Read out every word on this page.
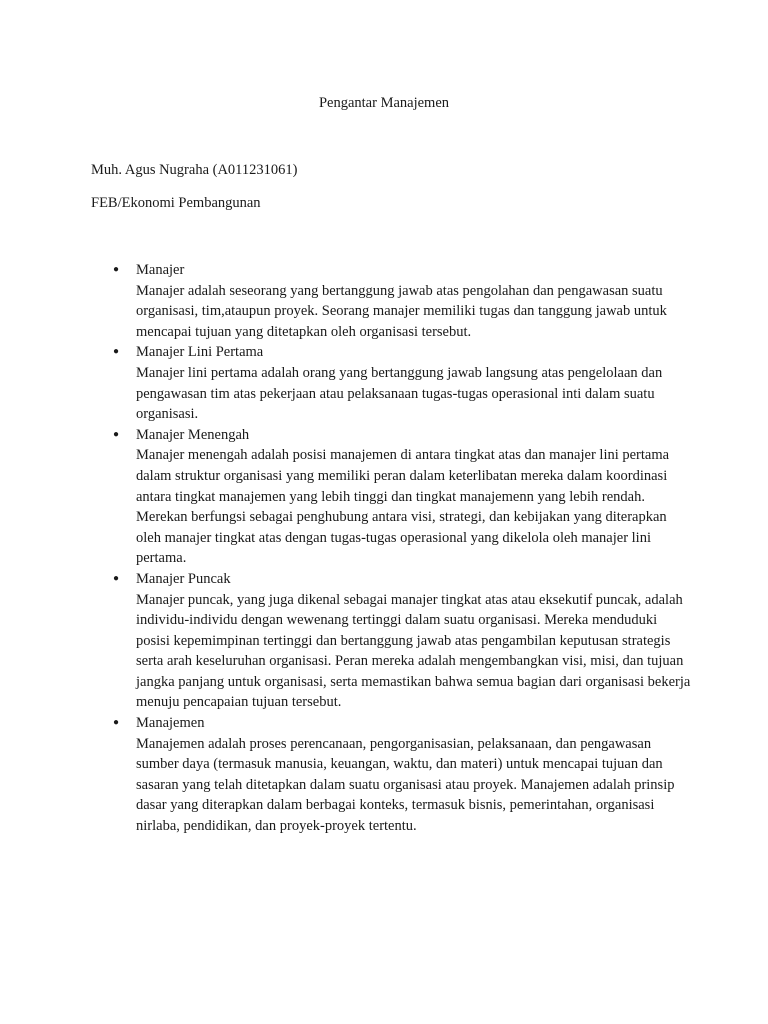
Pengantar Manajemen
Muh. Agus Nugraha (A011231061)
FEB/Ekonomi Pembangunan
● Manajer
Manajer adalah seseorang yang bertanggung jawab atas pengolahan dan pengawasan suatu organisasi, tim,ataupun proyek. Seorang manajer memiliki tugas dan tanggung jawab untuk mencapai tujuan yang ditetapkan oleh organisasi tersebut.
● Manajer Lini Pertama
Manajer lini pertama adalah orang yang bertanggung jawab langsung atas pengelolaan dan pengawasan tim atas pekerjaan atau pelaksanaan tugas-tugas operasional inti dalam suatu organisasi.
● Manajer Menengah
Manajer menengah adalah posisi manajemen di antara tingkat atas dan manajer lini pertama dalam struktur organisasi yang memiliki peran dalam keterlibatan mereka dalam koordinasi antara tingkat manajemen yang lebih tinggi dan tingkat manajemenn yang lebih rendah. Merekan berfungsi sebagai penghubung antara visi, strategi, dan kebijakan yang diterapkan oleh manajer tingkat atas dengan tugas-tugas operasional yang dikelola oleh manajer lini pertama.
● Manajer Puncak
Manajer puncak, yang juga dikenal sebagai manajer tingkat atas atau eksekutif puncak, adalah individu-individu dengan wewenang tertinggi dalam suatu organisasi. Mereka menduduki posisi kepemimpinan tertinggi dan bertanggung jawab atas pengambilan keputusan strategis serta arah keseluruhan organisasi. Peran mereka adalah mengembangkan visi, misi, dan tujuan jangka panjang untuk organisasi, serta memastikan bahwa semua bagian dari organisasi bekerja menuju pencapaian tujuan tersebut.
● Manajemen
Manajemen adalah proses perencanaan, pengorganisasian, pelaksanaan, dan pengawasan sumber daya (termasuk manusia, keuangan, waktu, dan materi) untuk mencapai tujuan dan sasaran yang telah ditetapkan dalam suatu organisasi atau proyek. Manajemen adalah prinsip dasar yang diterapkan dalam berbagai konteks, termasuk bisnis, pemerintahan, organisasi nirlaba, pendidikan, dan proyek-proyek tertentu.
